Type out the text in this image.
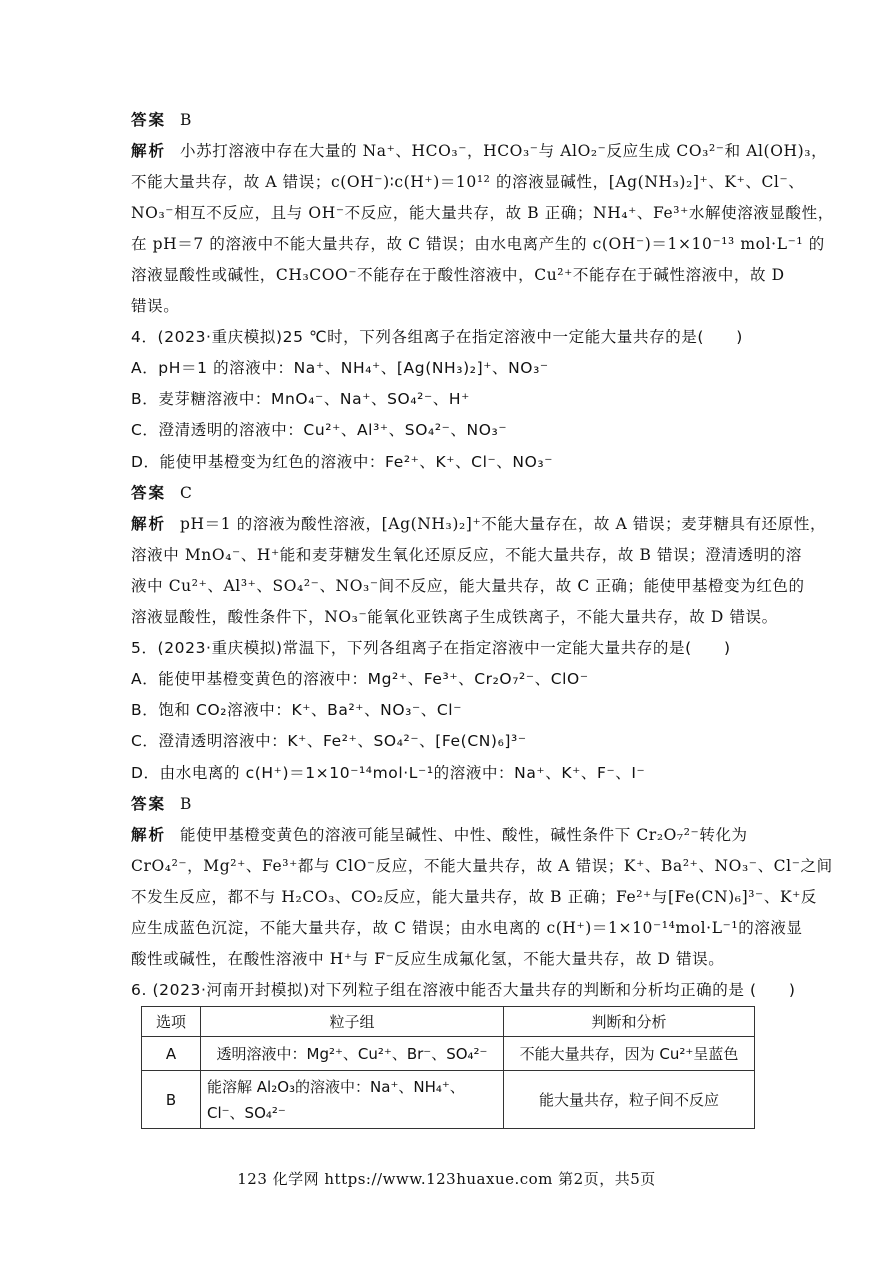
答案 B
解析 小苏打溶液中存在大量的 Na⁺、HCO₃⁻，HCO₃⁻与 AlO₂⁻反应生成 CO₃²⁻和 Al(OH)₃，
不能大量共存，故 A 错误；c(OH⁻)∶c(H⁺)＝10¹² 的溶液显碱性，[Ag(NH₃)₂]⁺、K⁺、Cl⁻、
NO₃⁻相互不反应，且与 OH⁻不反应，能大量共存，故 B 正确；NH₄⁺、Fe³⁺水解使溶液显酸性，
在 pH＝7 的溶液中不能大量共存，故 C 错误；由水电离产生的 c(OH⁻)＝1×10⁻¹³ mol·L⁻¹ 的
溶液显酸性或碱性，CH₃COO⁻不能存在于酸性溶液中，Cu²⁺不能存在于碱性溶液中，故 D
错误。
4．(2023·重庆模拟)25 ℃时，下列各组离子在指定溶液中一定能大量共存的是(　　)
A．pH＝1 的溶液中：Na⁺、NH₄⁺、[Ag(NH₃)₂]⁺、NO₃⁻
B．麦芽糖溶液中：MnO₄⁻、Na⁺、SO₄²⁻、H⁺
C．澄清透明的溶液中：Cu²⁺、Al³⁺、SO₄²⁻、NO₃⁻
D．能使甲基橙变为红色的溶液中：Fe²⁺、K⁺、Cl⁻、NO₃⁻
答案 C
解析 pH＝1 的溶液为酸性溶液，[Ag(NH₃)₂]⁺不能大量存在，故 A 错误；麦芽糖具有还原性，
溶液中 MnO₄⁻、H⁺能和麦芽糖发生氧化还原反应，不能大量共存，故 B 错误；澄清透明的溶
液中 Cu²⁺、Al³⁺、SO₄²⁻、NO₃⁻间不反应，能大量共存，故 C 正确；能使甲基橙变为红色的
溶液显酸性，酸性条件下，NO₃⁻能氧化亚铁离子生成铁离子，不能大量共存，故 D 错误。
5．(2023·重庆模拟)常温下，下列各组离子在指定溶液中一定能大量共存的是(　　)
A．能使甲基橙变黄色的溶液中：Mg²⁺、Fe³⁺、Cr₂O₇²⁻、ClO⁻
B．饱和 CO₂溶液中：K⁺、Ba²⁺、NO₃⁻、Cl⁻
C．澄清透明溶液中：K⁺、Fe²⁺、SO₄²⁻、[Fe(CN)₆]³⁻
D．由水电离的 c(H⁺)＝1×10⁻¹⁴mol·L⁻¹的溶液中：Na⁺、K⁺、F⁻、I⁻
答案 B
解析 能使甲基橙变黄色的溶液可能呈碱性、中性、酸性，碱性条件下 Cr₂O₇²⁻转化为
CrO₄²⁻，Mg²⁺、Fe³⁺都与 ClO⁻反应，不能大量共存，故 A 错误；K⁺、Ba²⁺、NO₃⁻、Cl⁻之间
不发生反应，都不与 H₂CO₃、CO₂反应，能大量共存，故 B 正确；Fe²⁺与[Fe(CN)₆]³⁻、K⁺反
应生成蓝色沉淀，不能大量共存，故 C 错误；由水电离的 c(H⁺)＝1×10⁻¹⁴mol·L⁻¹的溶液显
酸性或碱性，在酸性溶液中 H⁺与 F⁻反应生成氟化氢，不能大量共存，故 D 错误。
6. (2023·河南开封模拟)对下列粒子组在溶液中能否大量共存的判断和分析均正确的是 (　　)
选项	粒子组	判断和分析
A	透明溶液中：Mg²⁺、Cu²⁺、Br⁻、SO₄²⁻	不能大量共存，因为 Cu²⁺呈蓝色
B	能溶解 Al₂O₃的溶液中：Na⁺、NH₄⁺、Cl⁻、SO₄²⁻	能大量共存，粒子间不反应
123 化学网 https://www.123huaxue.com 第2页，共5页
